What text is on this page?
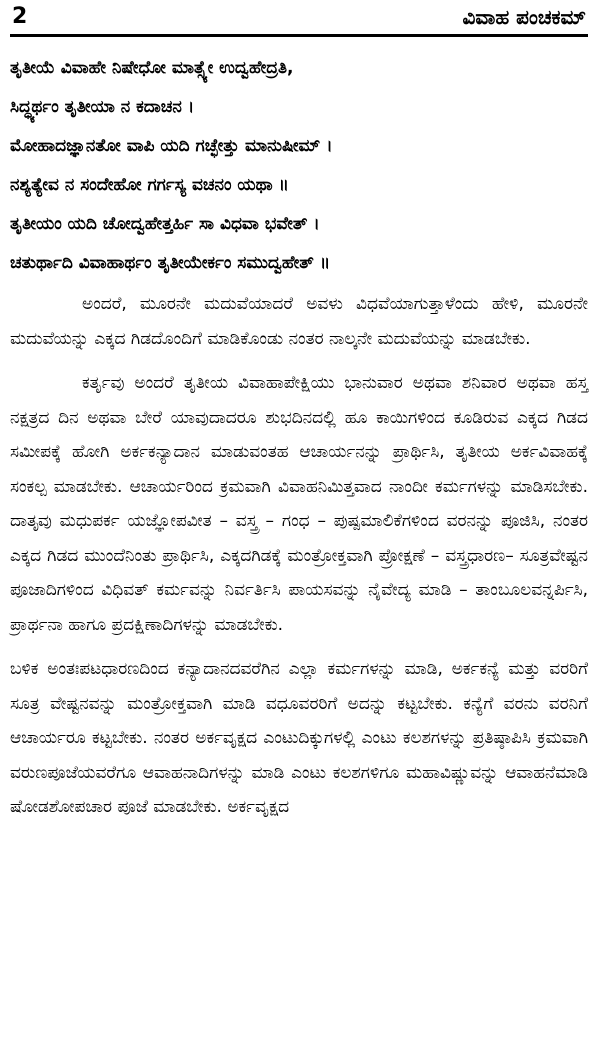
2	ವಿವಾಹ ಪಂಚಕಮ್
ತೃತೀಯೆ ವಿವಾಹೇ ನಿಷೇಧೋ ಮಾತ್ಸ್ಯೇ ಉದ್ವಹೇದ್ರತಿ,
ಸಿದ್ಧ್ಯರ್ಥಂ ತೃತೀಯಾ ನ ಕದಾಚನ ।
ಮೋಹಾದಜ್ಞಾನತೋ ವಾಪಿ ಯದಿ ಗಚ್ಛೇತ್ತು ಮಾನುಷೀಮ್ ।
ನಶ್ಯತ್ಯೇವ ನ ಸಂದೇಹೋ ಗರ್ಗಸ್ಯ ವಚನಂ ಯಥಾ ॥
ತೃತೀಯಂ ಯದಿ ಚೋದ್ವಹೇತ್ತರ್ಹಿ ಸಾ ವಿಧವಾ ಭವೇತ್ ।
ಚತುರ್ಥಾದಿ ವಿವಾಹಾರ್ಥಂ ತೃತೀಯೇರ್ಕಂ ಸಮುದ್ವಹೇತ್ ॥

ಅಂದರೆ, ಮೂರನೇ ಮದುವೆಯಾದರೆ ಅವಳು ವಿಧವೆಯಾಗುತ್ತಾಳೆಂದು ಹೇಳಿ, ಮೂರನೇ ಮದುವೆಯನ್ನು ಎಕ್ಕದ ಗಿಡದೊಂದಿಗೆ ಮಾಡಿಕೊಂಡು ನಂತರ ನಾಲ್ಕನೇ ಮದುವೆಯನ್ನು ಮಾಡಬೇಕು.

ಕರ್ತೃವು ಅಂದರೆ ತೃತೀಯ ವಿವಾಹಾಪೇಕ್ಷಿಯು ಭಾನುವಾರ ಅಥವಾ ಶನಿವಾರ ಅಥವಾ ಹಸ್ತ ನಕ್ಷತ್ರದ ದಿನ ಅಥವಾ ಬೇರೆ ಯಾವುದಾದರೂ ಶುಭದಿನದಲ್ಲಿ ಹೂ ಕಾಯಿಗಳಿಂದ ಕೂಡಿರುವ ಎಕ್ಕದ ಗಿಡದ ಸಮೀಪಕ್ಕೆ ಹೋಗಿ ಅರ್ಕಕನ್ಯಾದಾನ ಮಾಡುವಂತಹ ಆಚಾರ್ಯನನ್ನು ಪ್ರಾರ್ಥಿಸಿ, ತೃತೀಯ ಅರ್ಕವಿವಾಹಕ್ಕೆ ಸಂಕಲ್ಪ ಮಾಡಬೇಕು. ಆಚಾರ್ಯರಿಂದ ಕ್ರಮವಾಗಿ ವಿವಾಹನಿಮಿತ್ತವಾದ ನಾಂದೀ ಕರ್ಮಗಳನ್ನು ಮಾಡಿಸಬೇಕು. ದಾತೃವು ಮಧುಪರ್ಕ ಯಜ್ಞೋಪವೀತ – ವಸ್ತ್ರ – ಗಂಧ – ಪುಷ್ಪಮಾಲಿಕೆಗಳಿಂದ ವರನನ್ನು ಪೂಜಿಸಿ, ನಂತರ ಎಕ್ಕದ ಗಿಡದ ಮುಂದೆನಿಂತು ಪ್ರಾರ್ಥಿಸಿ, ಎಕ್ಕದಗಿಡಕ್ಕೆ ಮಂತ್ರೋಕ್ತವಾಗಿ ಪ್ರೋಕ್ಷಣೆ – ವಸ್ತ್ರಧಾರಣ– ಸೂತ್ರವೇಷ್ಟನ ಪೂಜಾದಿಗಳಿಂದ ವಿಧಿವತ್ ಕರ್ಮವನ್ನು ನಿರ್ವರ್ತಿಸಿ ಪಾಯಸವನ್ನು ನೈವೇದ್ಯ ಮಾಡಿ – ತಾಂಬೂಲವನ್ನರ್ಪಿಸಿ, ಪ್ರಾರ್ಥನಾ ಹಾಗೂ ಪ್ರದಕ್ಷಿಣಾದಿಗಳನ್ನು ಮಾಡಬೇಕು.

ಬಳಿಕ ಅಂತಃಪಟಧಾರಣದಿಂದ ಕನ್ಯಾದಾನದವರೆಗಿನ ಎಲ್ಲಾ ಕರ್ಮಗಳನ್ನು ಮಾಡಿ, ಅರ್ಕಕನ್ಯೆ ಮತ್ತು ವರರಿಗೆ ಸೂತ್ರ ವೇಷ್ಟನವನ್ನು ಮಂತ್ರೋಕ್ತವಾಗಿ ಮಾಡಿ ವಧೂವರರಿಗೆ ಅದನ್ನು ಕಟ್ಟಬೇಕು. ಕನ್ಯೆಗೆ ವರನು ವರನಿಗೆ ಆಚಾರ್ಯರೂ ಕಟ್ಟಬೇಕು. ನಂತರ ಅರ್ಕವೃಕ್ಷದ ಎಂಟುದಿಕ್ಕುಗಳಲ್ಲಿ ಎಂಟು ಕಲಶಗಳನ್ನು ಪ್ರತಿಷ್ಠಾಪಿಸಿ ಕ್ರಮವಾಗಿ ವರುಣಪೂಜೆಯವರೆಗೂ ಆವಾಹನಾದಿಗಳನ್ನು ಮಾಡಿ ಎಂಟು ಕಲಶಗಳಿಗೂ ಮಹಾವಿಷ್ಣುವನ್ನು ಆವಾಹನೆಮಾಡಿ ಷೋಡಶೋಪಚಾರ ಪೂಜೆ ಮಾಡಬೇಕು. ಅರ್ಕವೃಕ್ಷದ
